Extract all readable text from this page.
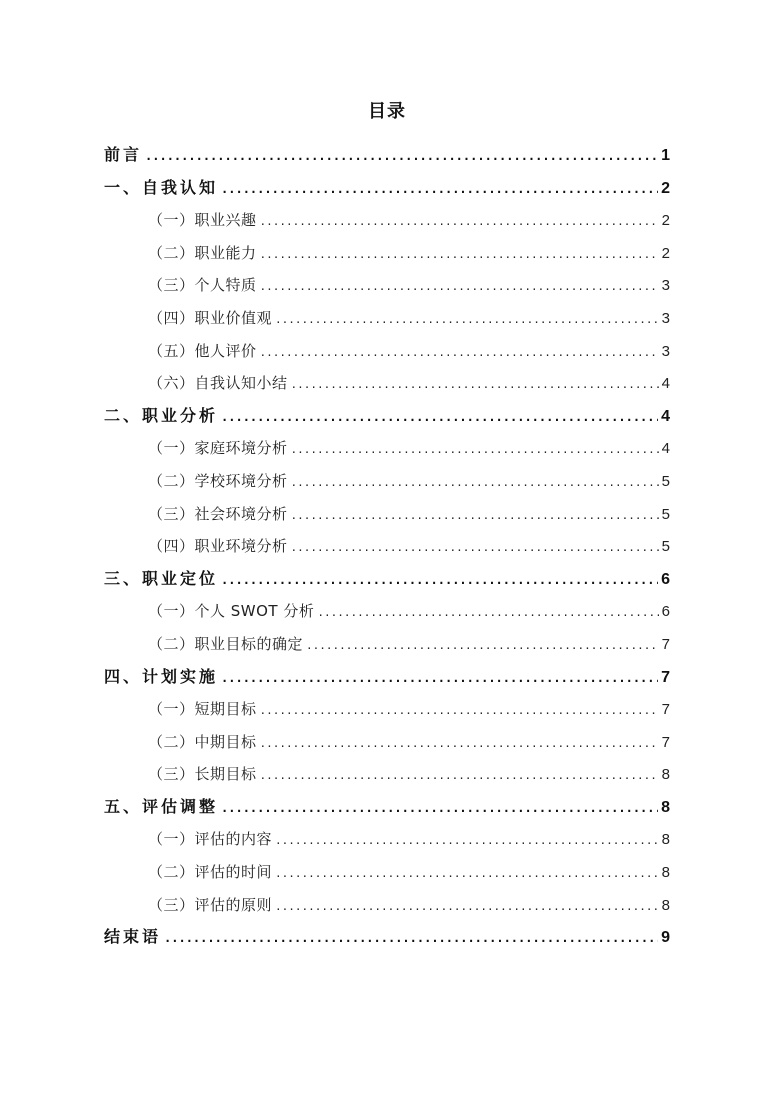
目录
前言 .....	1
一、自我认知 .....	2
（一）职业兴趣 .....	2
（二）职业能力 .....	2
（三）个人特质 .....	3
（四）职业价值观 .....	3
（五）他人评价 .....	3
（六）自我认知小结 .....	4
二、职业分析 .....	4
（一）家庭环境分析 .....	4
（二）学校环境分析 .....	5
（三）社会环境分析 .....	5
（四）职业环境分析 .....	5
三、职业定位 .....	6
（一）个人 SWOT 分析 .....	6
（二）职业目标的确定 .....	7
四、计划实施 .....	7
（一）短期目标 .....	7
（二）中期目标 .....	7
（三）长期目标 .....	8
五、评估调整 .....	8
（一）评估的内容 .....	8
（二）评估的时间 .....	8
（三）评估的原则 .....	8
结束语 .....	9
